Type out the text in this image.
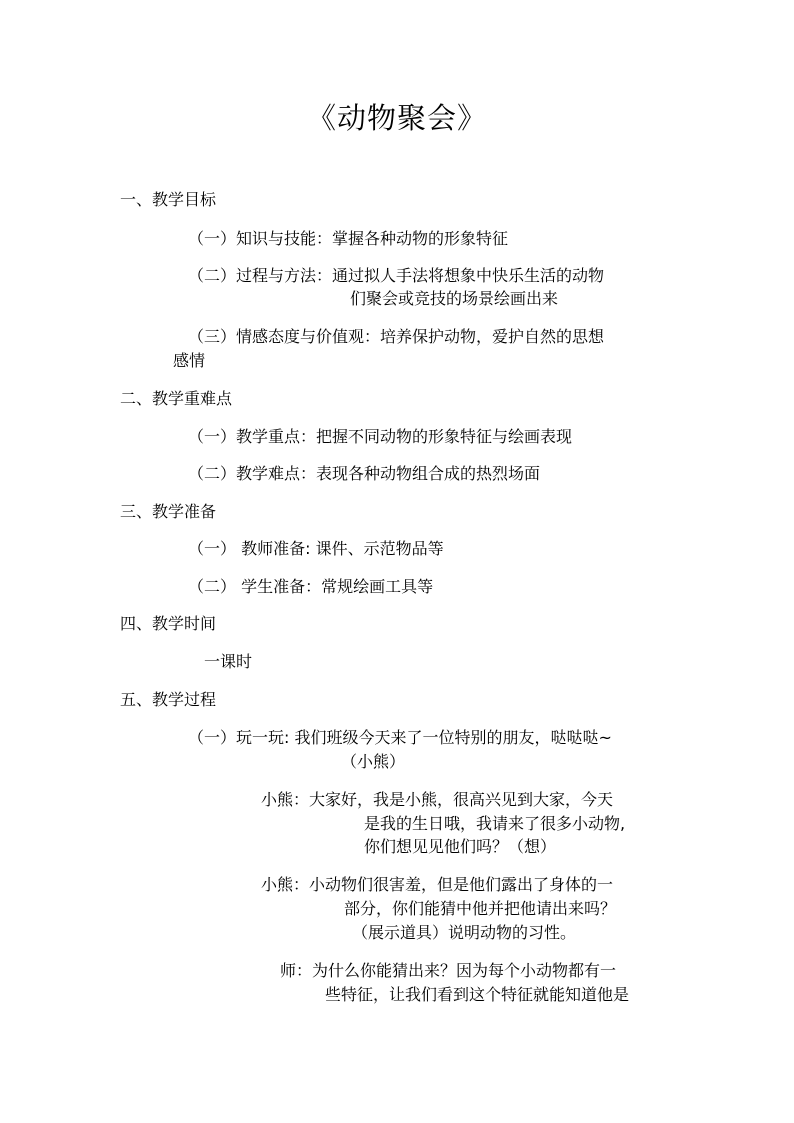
《动物聚会》
一、教学目标
（一）知识与技能：掌握各种动物的形象特征
（二）过程与方法：通过拟人手法将想象中快乐生活的动物
们聚会或竞技的场景绘画出来
（三）情感态度与价值观：培养保护动物，爱护自然的思想
感情
二、教学重难点
（一）教学重点：把握不同动物的形象特征与绘画表现
（二）教学难点：表现各种动物组合成的热烈场面
三、教学准备
（一） 教师准备: 课件、示范物品等
（二） 学生准备：常规绘画工具等
四、教学时间
一课时
五、教学过程
（一）玩一玩: 我们班级今天来了一位特别的朋友，哒哒哒~
（小熊）
小熊：大家好，我是小熊，很高兴见到大家，今天
是我的生日哦，我请来了很多小动物,
你们想见见他们吗？（想）
小熊：小动物们很害羞，但是他们露出了身体的一
部分，你们能猜中他并把他请出来吗？
（展示道具）说明动物的习性。
师：为什么你能猜出来？因为每个小动物都有一
些特征，让我们看到这个特征就能知道他是
